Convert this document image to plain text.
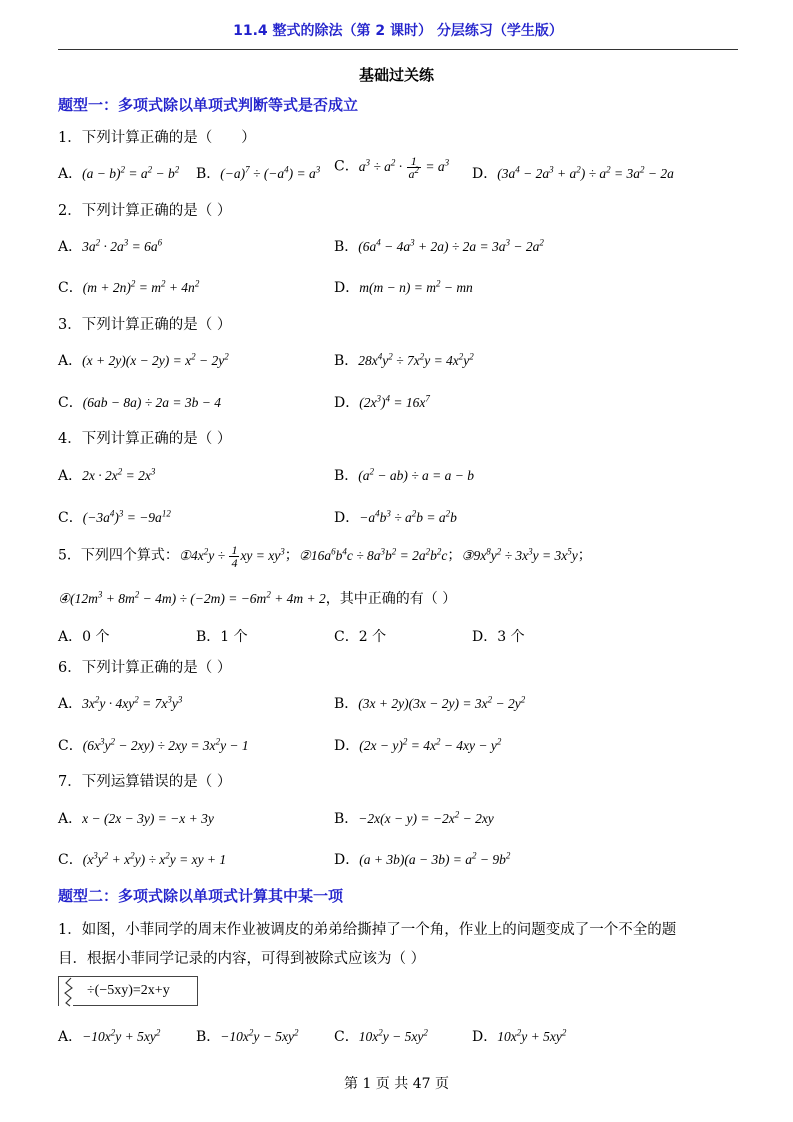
11.4 整式的除法（第 2 课时） 分层练习（学生版）
基础过关练
题型一：多项式除以单项式判断等式是否成立
1．下列计算正确的是（　　）
A．$(a - b)^2 = a^2 - b^2$ B．$(-a)^7 \div (-a^4) = a^3$ C．$a^3 \div a^2 \cdot \frac{1}{a^2} = a^3$
D．$(3a^4 - 2a^3 + a^2) \div a^2 = 3a^2 - 2a$
2．下列计算正确的是（ ）
A．$3a^2 \cdot 2a^3 = 6a^6$	B．$(6a^4 - 4a^3 + 2a) \div 2a = 3a^3 - 2a^2$
C．$(m + 2n)^2 = m^2 + 4n^2$	D．$m(m - n) = m^2$ − mn
3．下列计算正确的是（ ）
A．$(x + 2y)(x - 2y) = x^2 - 2y^2$	B．$28x^4y^2 \div 7x^2y = 4x^2y^2$
C．(6ab − 8a) ÷ 2a = 3b − 4	D．$(2x^3)^4 = 16x^7$
4．下列计算正确的是（ ）
A．$2x \cdot 2x^2 = 2x^3$	B．$(a^2 - ab) \div a = a - b$
C．$(-3a^4)^3 = -9a^{12}$	D．$-a^4b^3 \div a^2b = a^2b$
5．下列四个算式：$①4x^2y \div \frac{1}{4}$ xy = $xy^3$；$②16a^6b^4c \div 8a^3b^2 = 2a^2b^2c$；$③9x^8y^2 \div 3x^3y = 3x^5y$；
$④(12m^3 + 8m^2 - 4m) \div (-2m) = -6m^2 + 4m + 2$，其中正确的有（ ）
A．0 个	B．1 个	C．2 个	D．3 个
6．下列计算正确的是（ ）
A．$3x^2y \cdot 4xy^2 = 7x^3y^3$	B．$(3x + 2y)(3x - 2y) = 3x^2 - 2y^2$
C．$(6x^3y^2 - 2xy) \div 2xy = 3x^2y - 1$	D．$(2x - y)^2 = 4x^2 - 4xy - y^2$
7．下列运算错误的是（ ）
A．x − (2x − 3y) = −x + 3y	B．$-2x(x - y) = -2x^2 - 2xy$
C．$(x^3y^2 + x^2y) \div x^2y$ = xy + 1	D．$(a + 3b)(a - 3b) = a^2 - 9b^2$
题型二：多项式除以单项式计算其中某一项
1．如图，小菲同学的周末作业被调皮的弟弟给撕掉了一个角，作业上的问题变成了一个不全的题
目．根据小菲同学记录的内容，可得到被除式应该为（ ）
÷(−5xy)=2x+y
A．$-10x^2y + 5xy^2$	B．$-10x^2y - 5xy^2$	C．$10x^2y - 5xy^2$	D．$10x^2y + 5xy^2$
第 1 页 共 47 页
